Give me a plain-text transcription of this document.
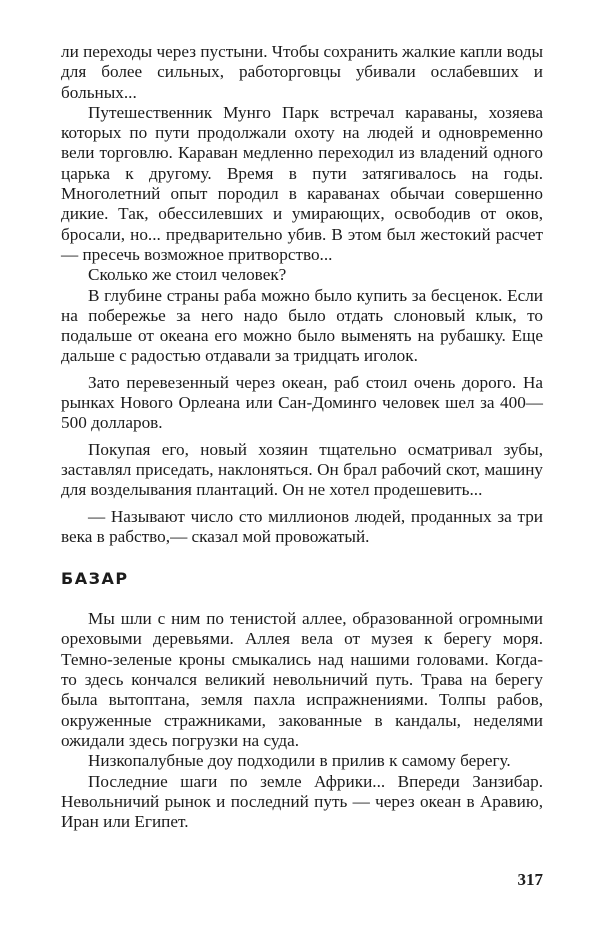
ли переходы через пустыни. Чтобы сохранить жалкие капли воды для более сильных, работорговцы убивали ослабевших и больных...

Путешественник Мунго Парк встречал караваны, хозяева которых по пути продолжали охоту на людей и одновременно вели торговлю. Караван медленно переходил из владений одного царька к другому. Время в пути затягивалось на годы. Многолетний опыт породил в караванах обычаи совершенно дикие. Так, обессилевших и умирающих, освободив от оков, бросали, но... предварительно убив. В этом был жестокий расчет — пресечь возможное притворство...

Сколько же стоил человек?

В глубине страны раба можно было купить за бесценок. Если на побережье за него надо было отдать слоновый клык, то подальше от океана его можно было выменять на рубашку. Еще дальше с радостью отдавали за тридцать иголок.

Зато перевезенный через океан, раб стоил очень дорого. На рынках Нового Орлеана или Сан-Доминго человек шел за 400—500 долларов.

Покупая его, новый хозяин тщательно осматривал зубы, заставлял приседать, наклоняться. Он брал рабочий скот, машину для возделывания плантаций. Он не хотел продешевить...

— Называют число сто миллионов людей, проданных за три века в рабство,— сказал мой провожатый.

БАЗАР

Мы шли с ним по тенистой аллее, образованной огромными ореховыми деревьями. Аллея вела от музея к берегу моря. Темно-зеленые кроны смыкались над нашими головами. Когда-то здесь кончался великий невольничий путь. Трава на берегу была вытоптана, земля пахла испражнениями. Толпы рабов, окруженные стражниками, закованные в кандалы, неделями ожидали здесь погрузки на суда.

Низкопалубные доу подходили в прилив к самому берегу.

Последние шаги по земле Африки... Впереди Занзибар. Невольничий рынок и последний путь — через океан в Аравию, Иран или Египет.

317
